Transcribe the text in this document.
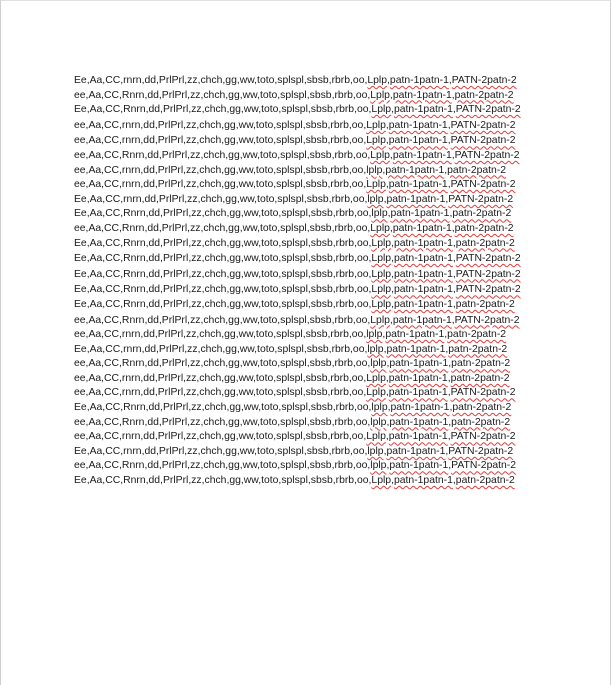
Ee,Aa,CC,rnrn,dd,PrlPrl,zz,chch,gg,ww,toto,splspl,sbsb,rbrb,oo,Lplp,patn-1patn-1,PATN-2patn-2

ee,Aa,CC,Rnrn,dd,PrlPrl,zz,chch,gg,ww,toto,splspl,sbsb,rbrb,oo,Lplp,patn-1patn-1,patn-2patn-2

Ee,Aa,CC,Rnrn,dd,PrlPrl,zz,chch,gg,ww,toto,splspl,sbsb,rbrb,oo,Lplp,patn-1patn-1,PATN-2patn-2

ee,Aa,CC,rnrn,dd,PrlPrl,zz,chch,gg,ww,toto,splspl,sbsb,rbrb,oo,Lplp,patn-1patn-1,PATN-2patn-2

ee,Aa,CC,rnrn,dd,PrlPrl,zz,chch,gg,ww,toto,splspl,sbsb,rbrb,oo,Lplp,patn-1patn-1,PATN-2patn-2

ee,Aa,CC,Rnrn,dd,PrlPrl,zz,chch,gg,ww,toto,splspl,sbsb,rbrb,oo,Lplp,patn-1patn-1,PATN-2patn-2

ee,Aa,CC,rnrn,dd,PrlPrl,zz,chch,gg,ww,toto,splspl,sbsb,rbrb,oo,lplp,patn-1patn-1,patn-2patn-2

ee,Aa,CC,rnrn,dd,PrlPrl,zz,chch,gg,ww,toto,splspl,sbsb,rbrb,oo,Lplp,patn-1patn-1,PATN-2patn-2

Ee,Aa,CC,rnrn,dd,PrlPrl,zz,chch,gg,ww,toto,splspl,sbsb,rbrb,oo,lplp,patn-1patn-1,PATN-2patn-2

Ee,Aa,CC,Rnrn,dd,PrlPrl,zz,chch,gg,ww,toto,splspl,sbsb,rbrb,oo,lplp,patn-1patn-1,patn-2patn-2

ee,Aa,CC,Rnrn,dd,PrlPrl,zz,chch,gg,ww,toto,splspl,sbsb,rbrb,oo,Lplp,patn-1patn-1,patn-2patn-2

Ee,Aa,CC,Rnrn,dd,PrlPrl,zz,chch,gg,ww,toto,splspl,sbsb,rbrb,oo,Lplp,patn-1patn-1,patn-2patn-2

Ee,Aa,CC,Rnrn,dd,PrlPrl,zz,chch,gg,ww,toto,splspl,sbsb,rbrb,oo,Lplp,patn-1patn-1,PATN-2patn-2

Ee,Aa,CC,Rnrn,dd,PrlPrl,zz,chch,gg,ww,toto,splspl,sbsb,rbrb,oo,Lplp,patn-1patn-1,PATN-2patn-2

Ee,Aa,CC,Rnrn,dd,PrlPrl,zz,chch,gg,ww,toto,splspl,sbsb,rbrb,oo,Lplp,patn-1patn-1,PATN-2patn-2

Ee,Aa,CC,Rnrn,dd,PrlPrl,zz,chch,gg,ww,toto,splspl,sbsb,rbrb,oo,Lplp,patn-1patn-1,patn-2patn-2

ee,Aa,CC,Rnrn,dd,PrlPrl,zz,chch,gg,ww,toto,splspl,sbsb,rbrb,oo,Lplp,patn-1patn-1,PATN-2patn-2

ee,Aa,CC,rnrn,dd,PrlPrl,zz,chch,gg,ww,toto,splspl,sbsb,rbrb,oo,lplp,patn-1patn-1,patn-2patn-2

Ee,Aa,CC,rnrn,dd,PrlPrl,zz,chch,gg,ww,toto,splspl,sbsb,rbrb,oo,lplp,patn-1patn-1,patn-2patn-2

ee,Aa,CC,Rnrn,dd,PrlPrl,zz,chch,gg,ww,toto,splspl,sbsb,rbrb,oo,lplp,patn-1patn-1,patn-2patn-2

ee,Aa,CC,rnrn,dd,PrlPrl,zz,chch,gg,ww,toto,splspl,sbsb,rbrb,oo,Lplp,patn-1patn-1,patn-2patn-2

ee,Aa,CC,rnrn,dd,PrlPrl,zz,chch,gg,ww,toto,splspl,sbsb,rbrb,oo,Lplp,patn-1patn-1,PATN-2patn-2

Ee,Aa,CC,Rnrn,dd,PrlPrl,zz,chch,gg,ww,toto,splspl,sbsb,rbrb,oo,lplp,patn-1patn-1,patn-2patn-2

ee,Aa,CC,Rnrn,dd,PrlPrl,zz,chch,gg,ww,toto,splspl,sbsb,rbrb,oo,lplp,patn-1patn-1,patn-2patn-2

ee,Aa,CC,rnrn,dd,PrlPrl,zz,chch,gg,ww,toto,splspl,sbsb,rbrb,oo,Lplp,patn-1patn-1,PATN-2patn-2

Ee,Aa,CC,rnrn,dd,PrlPrl,zz,chch,gg,ww,toto,splspl,sbsb,rbrb,oo,lplp,patn-1patn-1,PATN-2patn-2

ee,Aa,CC,Rnrn,dd,PrlPrl,zz,chch,gg,ww,toto,splspl,sbsb,rbrb,oo,lplp,patn-1patn-1,PATN-2patn-2

Ee,Aa,CC,Rnrn,dd,PrlPrl,zz,chch,gg,ww,toto,splspl,sbsb,rbrb,oo,Lplp,patn-1patn-1,patn-2patn-2
